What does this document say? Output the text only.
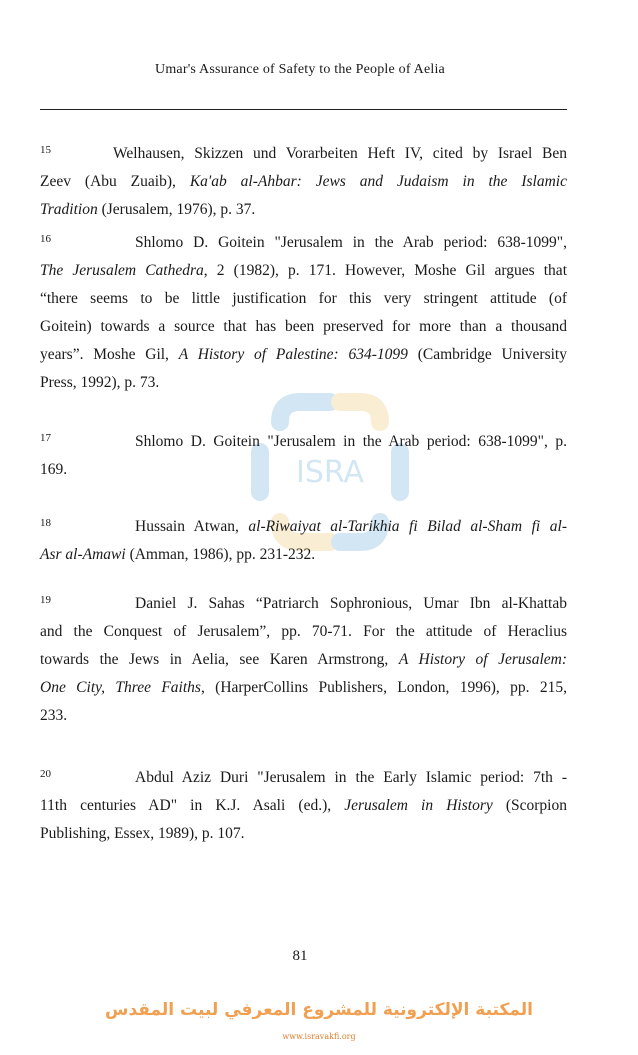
Umar's Assurance of Safety to the People of Aelia
ISRA
$^{15}$	Welhausen, Skizzen und Vorarbeiten Heft IV, cited by Israel Ben
Zeev (Abu Zuaib), Ka'ab al-Ahbar: Jews and Judaism in the Islamic
Tradition (Jerusalem, 1976), p. 37.
$^{16}$	Shlomo D. Goitein "Jerusalem in the Arab period: 638-1099",
The Jerusalem Cathedra, 2 (1982), p. 171. However, Moshe Gil argues that
“there seems to be little justification for this very stringent attitude (of
Goitein) towards a source that has been preserved for more than a thousand
years”. Moshe Gil, A History of Palestine: 634-1099 (Cambridge University
Press, 1992), p. 73.
$^{17}$	Shlomo D. Goitein "Jerusalem in the Arab period: 638-1099", p.
169.
$^{18}$	Hussain Atwan, al-Riwaiyat al-Tarikhia fi Bilad al-Sham fi al-
Asr al-Amawi (Amman, 1986), pp. 231-232.
$^{19}$	Daniel J. Sahas “Patriarch Sophronious, Umar Ibn al-Khattab
and the Conquest of Jerusalem”, pp. 70-71. For the attitude of Heraclius
towards the Jews in Aelia, see Karen Armstrong, A History of Jerusalem:
One City, Three Faiths, (HarperCollins Publishers, London, 1996), pp. 215,
233.
$^{20}$	Abdul Aziz Duri "Jerusalem in the Early Islamic period: 7th -
11th centuries AD" in K.J. Asali (ed.), Jerusalem in History (Scorpion
Publishing, Essex, 1989), p. 107.
81
المكتبة الإلكترونية للمشروع المعرفي لبيت المقدس
www.isravakfi.org
